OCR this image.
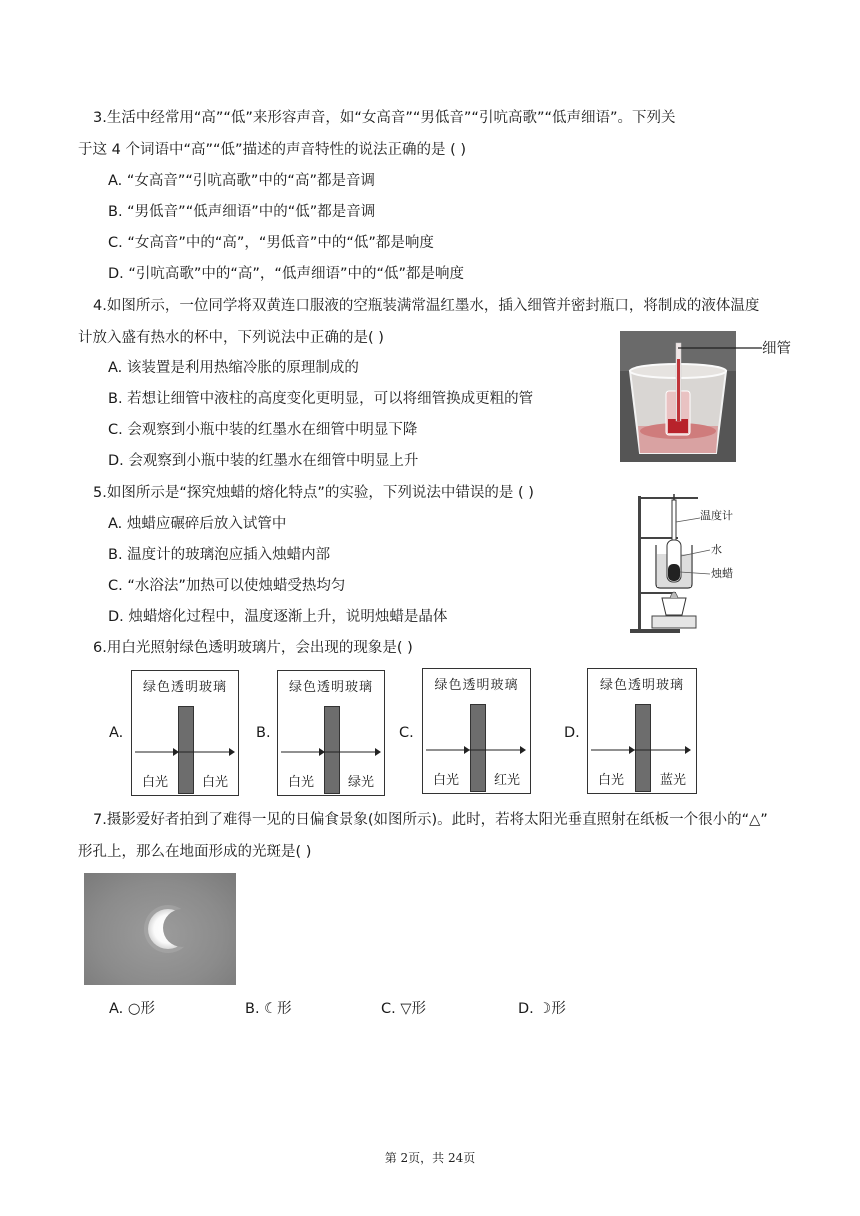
3.生活中经常用“高”“低”来形容声音，如“女高音”“男低音”“引吭高歌”“低声细语”。下列关
于这 4 个词语中“高”“低”描述的声音特性的说法正确的是 ( )
A. “女高音”“引吭高歌”中的“高”都是音调
B. “男低音”“低声细语”中的“低”都是音调
C. “女高音”中的“高”，“男低音”中的“低”都是响度
D. “引吭高歌”中的“高”，“低声细语”中的“低”都是响度
4.如图所示，一位同学将双黄连口服液的空瓶装满常温红墨水，插入细管并密封瓶口，将制成的液体温度
计放入盛有热水的杯中，下列说法中正确的是( )
A. 该装置是利用热缩冷胀的原理制成的
B. 若想让细管中液柱的高度变化更明显，可以将细管换成更粗的管
C. 会观察到小瓶中装的红墨水在细管中明显下降
D. 会观察到小瓶中装的红墨水在细管中明显上升
细管
5.如图所示是“探究烛蜡的熔化特点”的实验，下列说法中错误的是 ( )
A. 烛蜡应碾碎后放入试管中
B. 温度计的玻璃泡应插入烛蜡内部
C. “水浴法”加热可以使烛蜡受热均匀
D. 烛蜡熔化过程中，温度逐渐上升，说明烛蜡是晶体
温度计
水
烛蜡
6.用白光照射绿色透明玻璃片，会出现的现象是( )
A.
绿色透明玻璃
白光	白光
B.
绿色透明玻璃
白光	绿光
C.
绿色透明玻璃
白光	红光
D.
绿色透明玻璃
白光	蓝光
7.摄影爱好者拍到了难得一见的日偏食景象(如图所示)。此时，若将太阳光垂直照射在纸板一个很小的“△”
形孔上，那么在地面形成的光斑是( )
A. ○形	B. ☾形	C. ▽形	D. ☽形
第 2页，共 24页
